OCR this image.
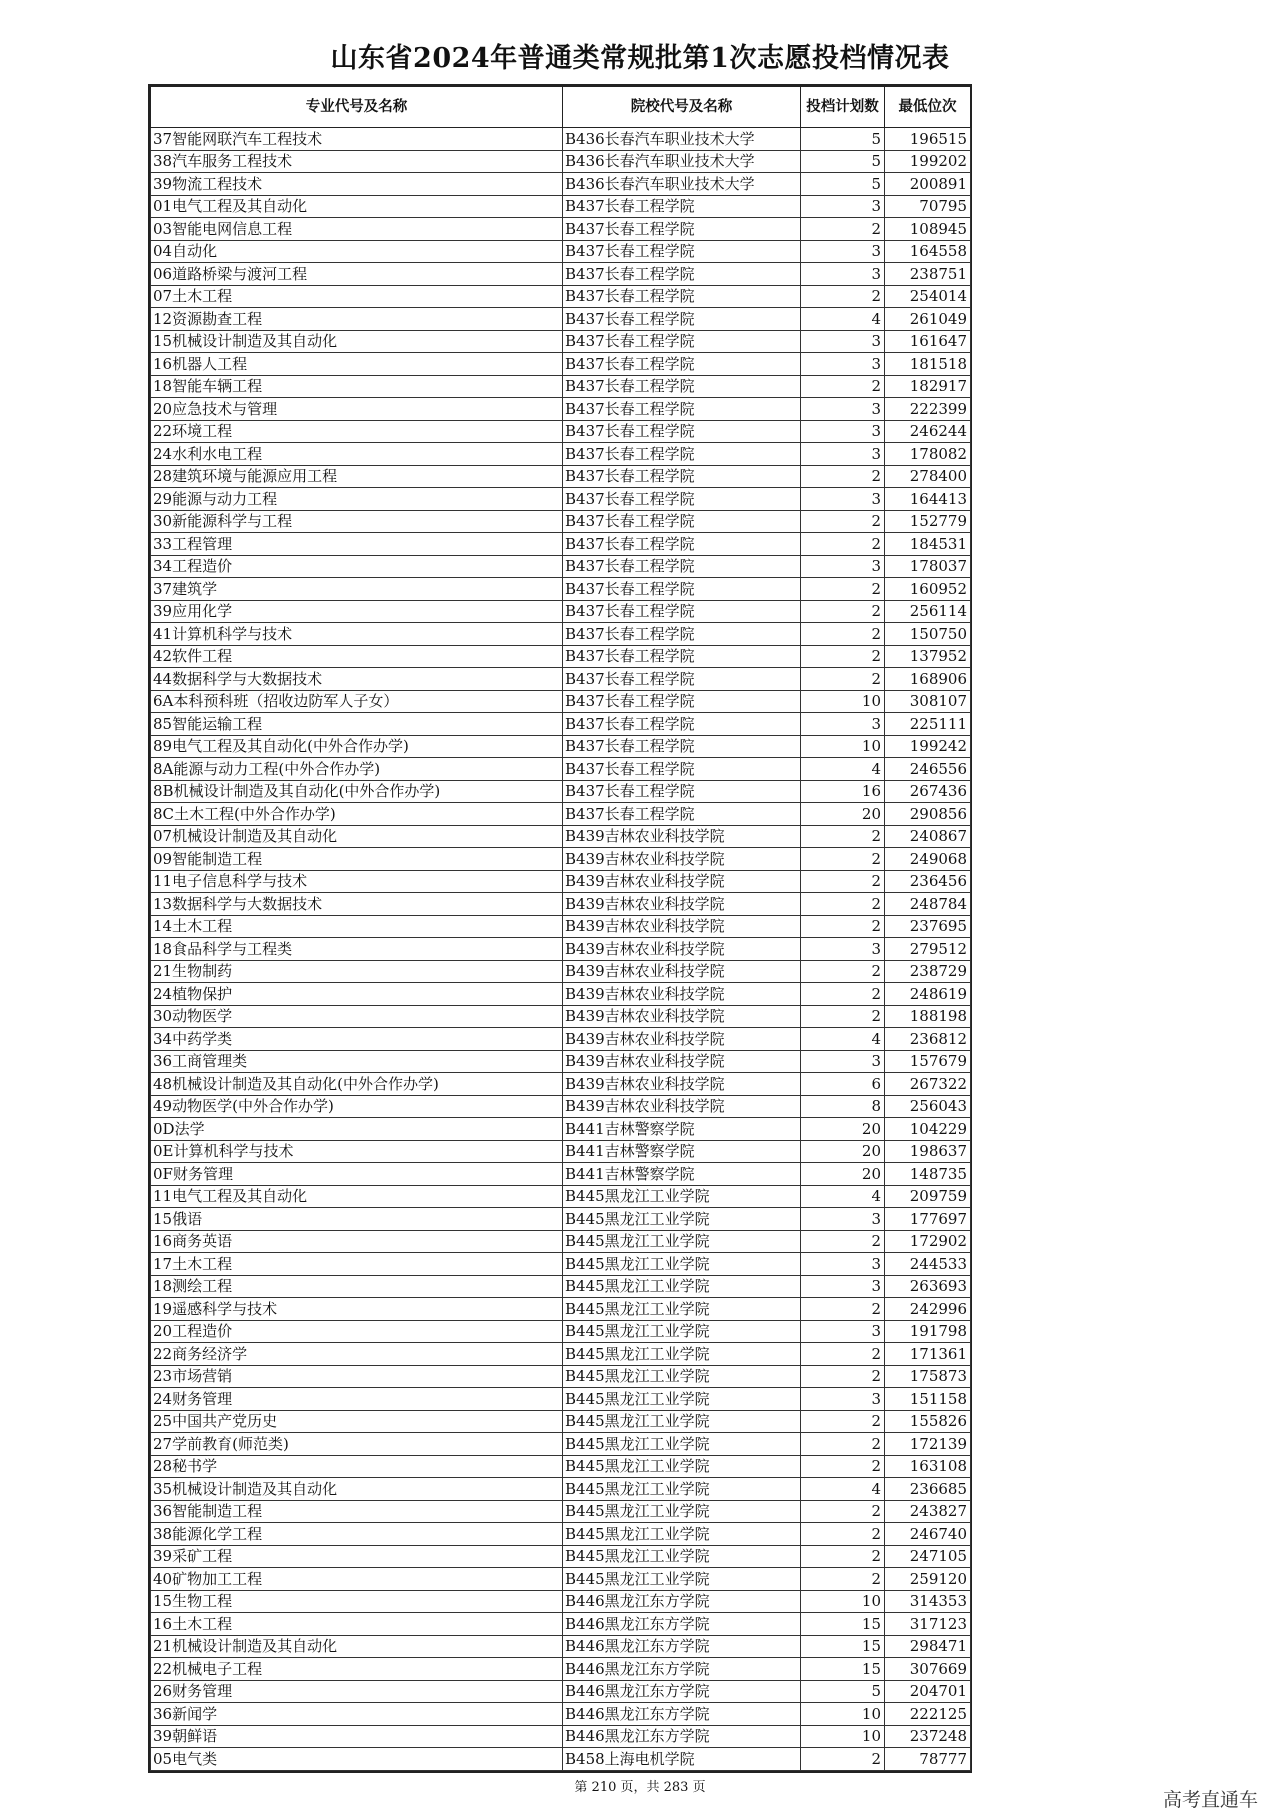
山东省2024年普通类常规批第1次志愿投档情况表
专业代号及名称	院校代号及名称	投档计划数	最低位次
37智能网联汽车工程技术	B436长春汽车职业技术大学	5	196515
38汽车服务工程技术	B436长春汽车职业技术大学	5	199202
39物流工程技术	B436长春汽车职业技术大学	5	200891
01电气工程及其自动化	B437长春工程学院	3	70795
03智能电网信息工程	B437长春工程学院	2	108945
04自动化	B437长春工程学院	3	164558
06道路桥梁与渡河工程	B437长春工程学院	3	238751
07土木工程	B437长春工程学院	2	254014
12资源勘查工程	B437长春工程学院	4	261049
15机械设计制造及其自动化	B437长春工程学院	3	161647
16机器人工程	B437长春工程学院	3	181518
18智能车辆工程	B437长春工程学院	2	182917
20应急技术与管理	B437长春工程学院	3	222399
22环境工程	B437长春工程学院	3	246244
24水利水电工程	B437长春工程学院	3	178082
28建筑环境与能源应用工程	B437长春工程学院	2	278400
29能源与动力工程	B437长春工程学院	3	164413
30新能源科学与工程	B437长春工程学院	2	152779
33工程管理	B437长春工程学院	2	184531
34工程造价	B437长春工程学院	3	178037
37建筑学	B437长春工程学院	2	160952
39应用化学	B437长春工程学院	2	256114
41计算机科学与技术	B437长春工程学院	2	150750
42软件工程	B437长春工程学院	2	137952
44数据科学与大数据技术	B437长春工程学院	2	168906
6A本科预科班（招收边防军人子女）	B437长春工程学院	10	308107
85智能运输工程	B437长春工程学院	3	225111
89电气工程及其自动化(中外合作办学)	B437长春工程学院	10	199242
8A能源与动力工程(中外合作办学)	B437长春工程学院	4	246556
8B机械设计制造及其自动化(中外合作办学)	B437长春工程学院	16	267436
8C土木工程(中外合作办学)	B437长春工程学院	20	290856
07机械设计制造及其自动化	B439吉林农业科技学院	2	240867
09智能制造工程	B439吉林农业科技学院	2	249068
11电子信息科学与技术	B439吉林农业科技学院	2	236456
13数据科学与大数据技术	B439吉林农业科技学院	2	248784
14土木工程	B439吉林农业科技学院	2	237695
18食品科学与工程类	B439吉林农业科技学院	3	279512
21生物制药	B439吉林农业科技学院	2	238729
24植物保护	B439吉林农业科技学院	2	248619
30动物医学	B439吉林农业科技学院	2	188198
34中药学类	B439吉林农业科技学院	4	236812
36工商管理类	B439吉林农业科技学院	3	157679
48机械设计制造及其自动化(中外合作办学)	B439吉林农业科技学院	6	267322
49动物医学(中外合作办学)	B439吉林农业科技学院	8	256043
0D法学	B441吉林警察学院	20	104229
0E计算机科学与技术	B441吉林警察学院	20	198637
0F财务管理	B441吉林警察学院	20	148735
11电气工程及其自动化	B445黑龙江工业学院	4	209759
15俄语	B445黑龙江工业学院	3	177697
16商务英语	B445黑龙江工业学院	2	172902
17土木工程	B445黑龙江工业学院	3	244533
18测绘工程	B445黑龙江工业学院	3	263693
19遥感科学与技术	B445黑龙江工业学院	2	242996
20工程造价	B445黑龙江工业学院	3	191798
22商务经济学	B445黑龙江工业学院	2	171361
23市场营销	B445黑龙江工业学院	2	175873
24财务管理	B445黑龙江工业学院	3	151158
25中国共产党历史	B445黑龙江工业学院	2	155826
27学前教育(师范类)	B445黑龙江工业学院	2	172139
28秘书学	B445黑龙江工业学院	2	163108
35机械设计制造及其自动化	B445黑龙江工业学院	4	236685
36智能制造工程	B445黑龙江工业学院	2	243827
38能源化学工程	B445黑龙江工业学院	2	246740
39采矿工程	B445黑龙江工业学院	2	247105
40矿物加工工程	B445黑龙江工业学院	2	259120
15生物工程	B446黑龙江东方学院	10	314353
16土木工程	B446黑龙江东方学院	15	317123
21机械设计制造及其自动化	B446黑龙江东方学院	15	298471
22机械电子工程	B446黑龙江东方学院	15	307669
26财务管理	B446黑龙江东方学院	5	204701
36新闻学	B446黑龙江东方学院	10	222125
39朝鲜语	B446黑龙江东方学院	10	237248
05电气类	B458上海电机学院	2	78777
第 210 页，共 283 页
高考直通车
